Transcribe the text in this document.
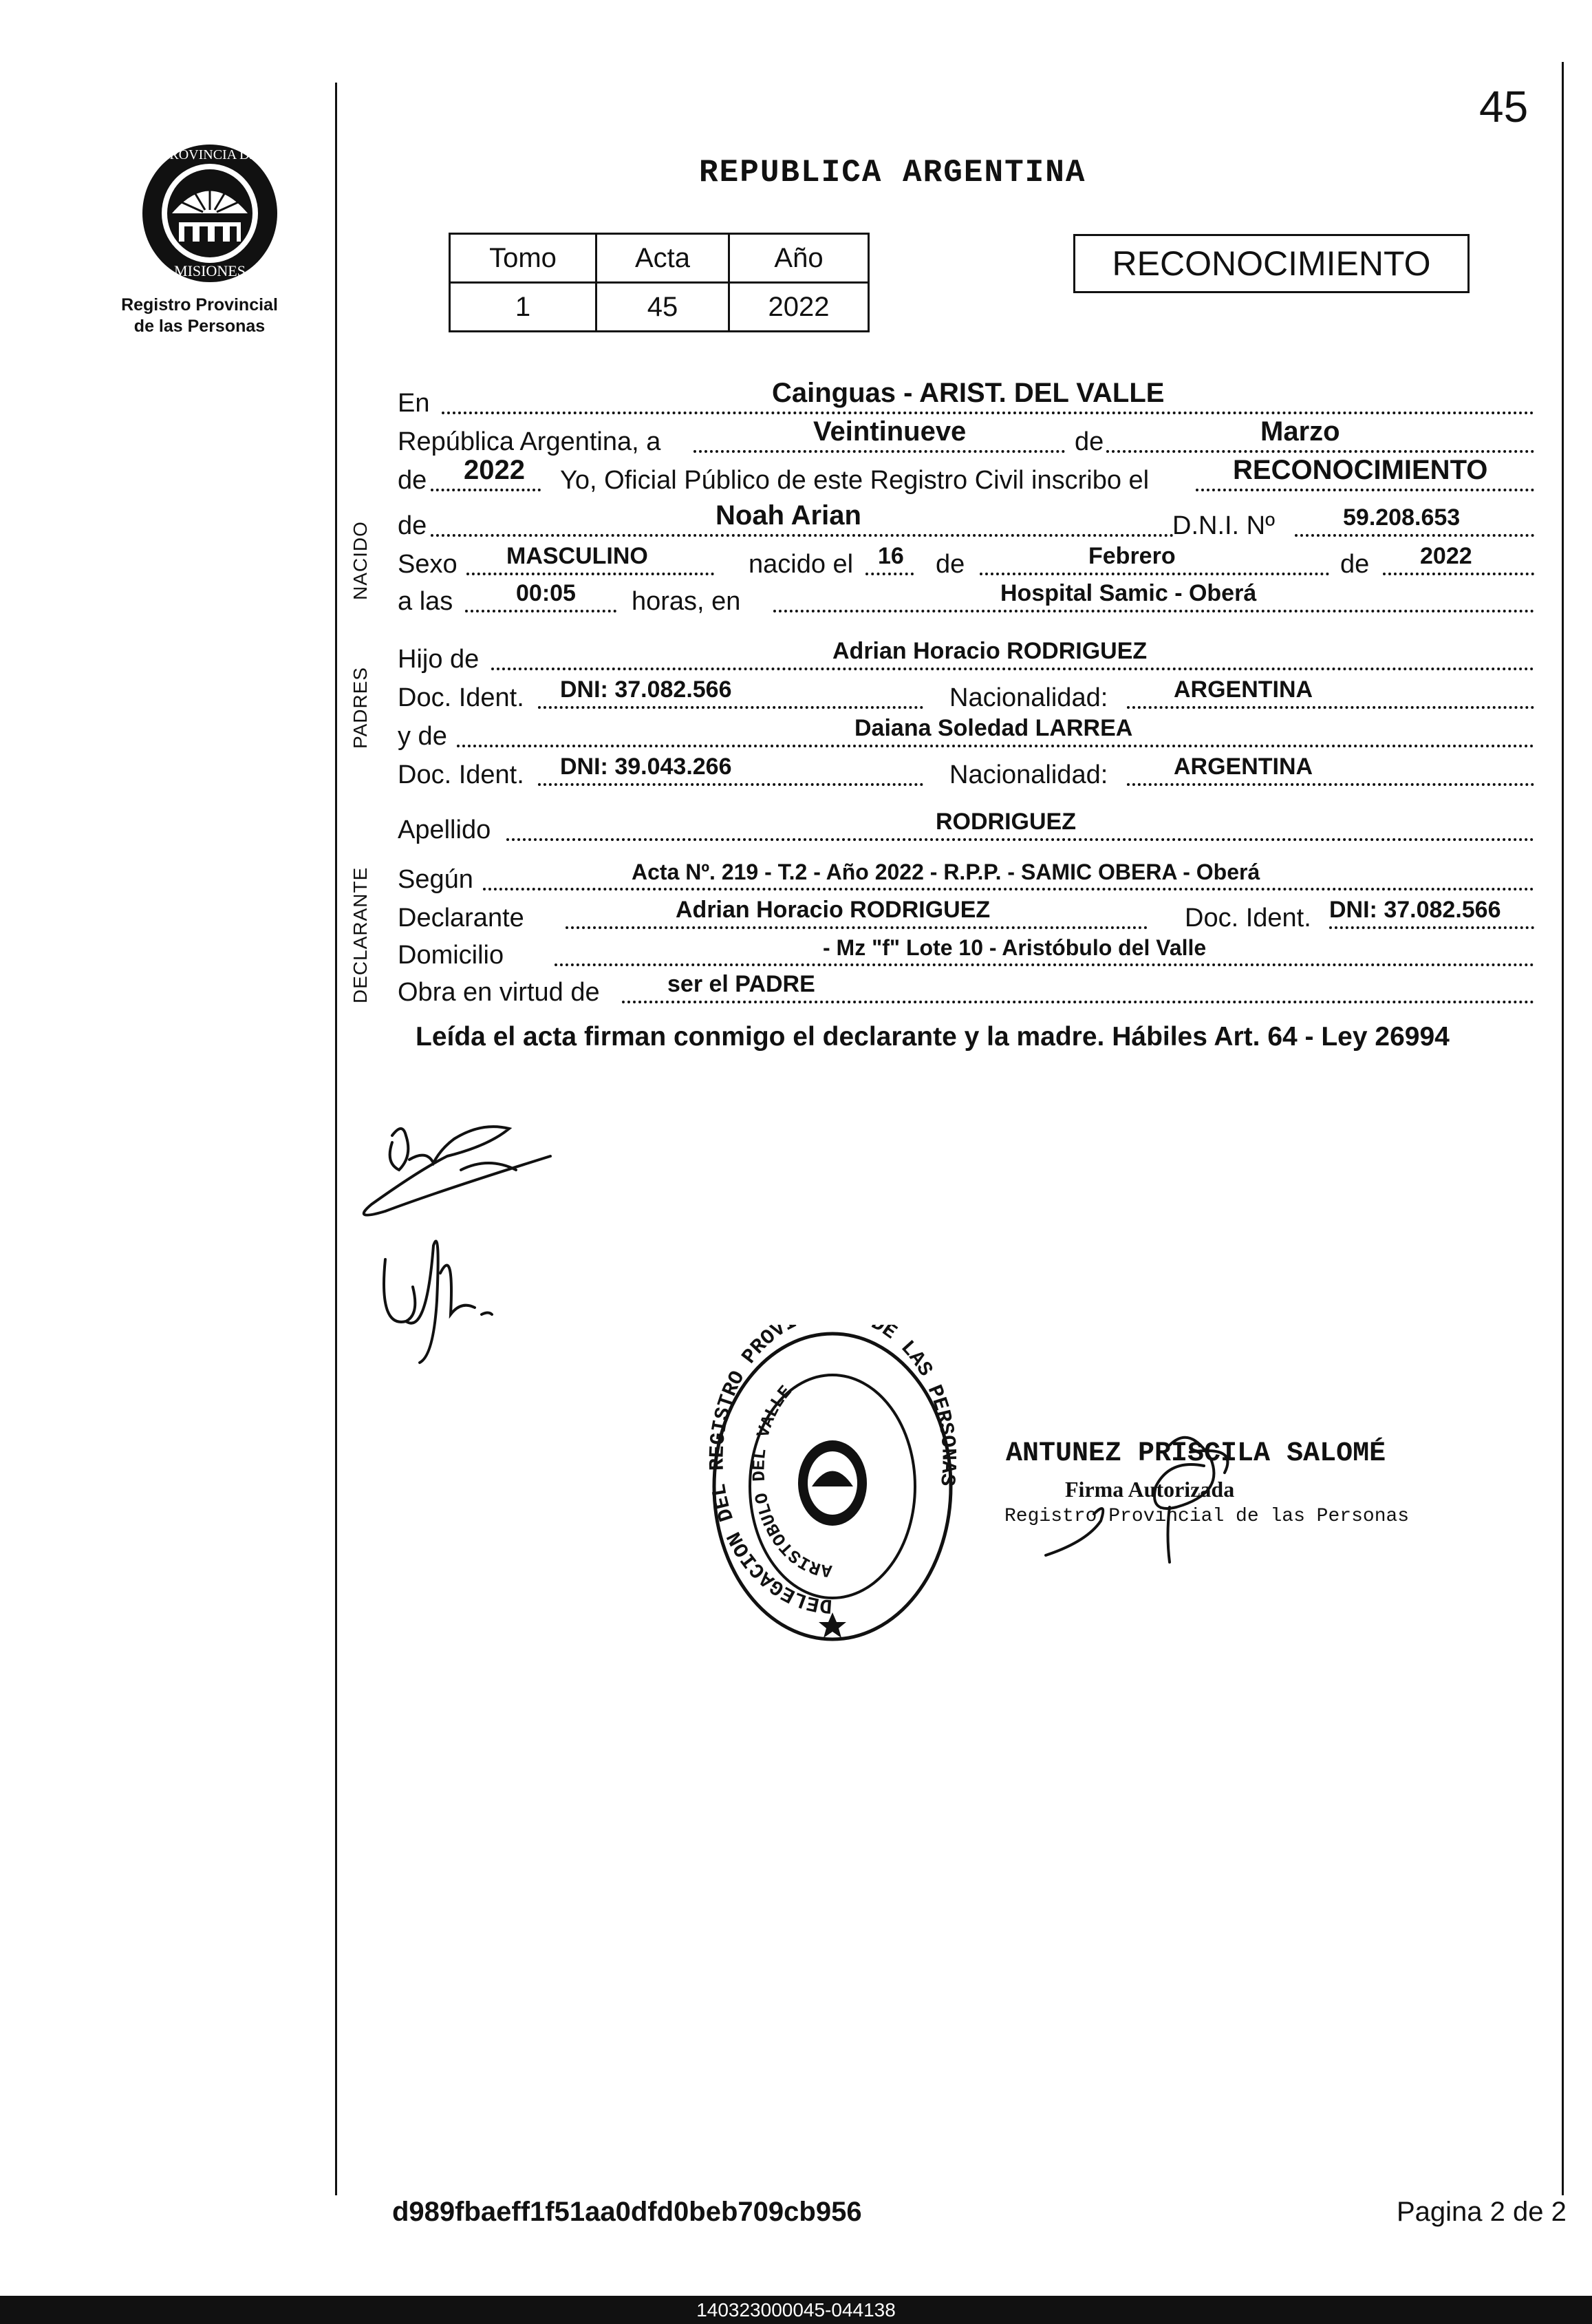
45
PROVINCIA DE
MISIONES
Registro Provincial
de las Personas
REPUBLICA ARGENTINA
Tomo	Acta	Año
1	45	2022
RECONOCIMIENTO
NACIDO
PADRES
DECLARANTE
En	Cainguas - ARIST. DEL VALLE
República Argentina, a	Veintinueve	de	Marzo
de 2022 Yo, Oficial Público de este Registro Civil inscribo el	RECONOCIMIENTO
de	Noah Arian	D.N.I. Nº	59.208.653
Sexo MASCULINO	nacido el 16 de	Febrero	de 2022
a las	00:05 horas, en	Hospital Samic - Oberá
Hijo de	Adrian Horacio RODRIGUEZ
Doc. Ident. DNI: 37.082.566	Nacionalidad:	ARGENTINA
y de	Daiana Soledad LARREA
Doc. Ident. DNI: 39.043.266	Nacionalidad:	ARGENTINA
Apellido	RODRIGUEZ
Según	Acta Nº. 219 - T.2 - Año 2022 - R.P.P. - SAMIC OBERA - Oberá
Declarante	Adrian Horacio RODRIGUEZ	Doc. Ident. DNI: 37.082.566
Domicilio	- Mz "f" Lote 10 - Aristóbulo del Valle
Obra en virtud de	ser el PADRE
Leída el acta firman conmigo el declarante y la madre. Hábiles Art. 64 - Ley 26994
DELEGACION DEL GISTRO PROV E LAS PERS
ARISTOBULO DEL VALLE
ANTUNEZ PRISCILA SALOMÉ
Firma Autorizada
Registro Provincial de las Personas
d989fbaeff1f51aa0dfd0beb709cb956	Pagina 2 de 2
140323000045-044138
